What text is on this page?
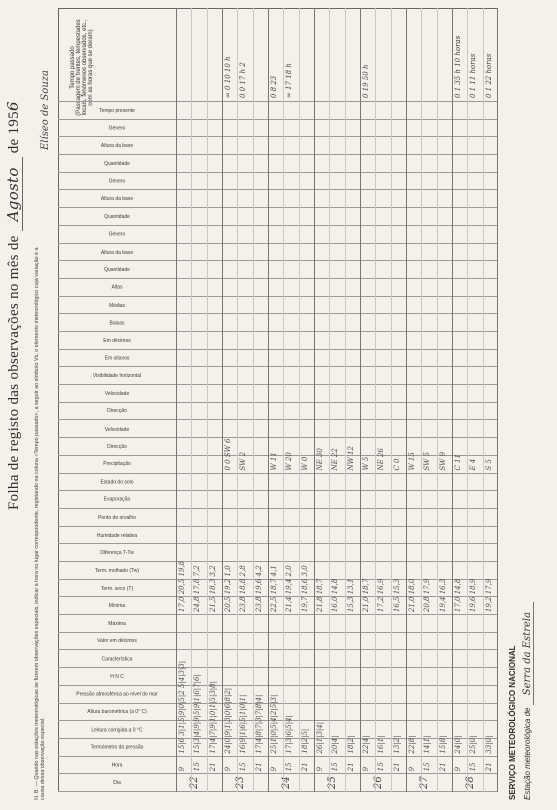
Folha de registo das observações no mês de Agosto de 1956
Tempo passado (Passagem de frentes, tempestades locais, fenómenos observados, etc., com as horas que se deram)
Elíseo de Souza
N. B. — Quando nas estações meteorológicas se fizerem observações especiais, indicar a hora no lugar correspondente, registando na coluna «Tempo passado», a seguir ao símbolo Vs, o elemento meteorológico cuja variação é a causa dessa observação especial.	SERVIÇO METEOROLÓGICO NACIONAL Estação meteorológica de Serra da Estrela
Dia
Hora
Termómetro da pressão
Leitura corrigida a 0 °C
Altura barométrica (a 0° C)
Pressão atmosférica ao nível do mar
H N C
Característica
Valor em décimos
Máxima
Mínima
Term. seco (T)
Term. molhado (Tw)
Diferença T-Tw
Humidade relativa
Ponto de orvalho
Evaporação
Estado do solo
Precipitação
Direcção
Velocidade
Direcção
Velocidade
Visibilidade horizontal
Em oitavos
Em décimos
Baixas
Médias
Altas
Quantidade
Altura da base
Género
Quantidade
Altura da base
Género
Quantidade
Altura da base
Género
Tempo presente
22
9
15|6 3|1|5|9|0|5|2 5|4|3|3|
17,0 20,5 19,8
15
15|3|4|9|9|5|9|1|6|7|6|
24,8 17,8 7,2
21
17|4|7|9|1|0|1|5|3|8|
21,5 18,3 3,2
23
9
24|0|9|1|3|0|6|8|2|
20,5 19,2 1,0
0 0 SW 6
∞ 0 10 10 h
15
16|9|1|6|5|1|0|1|
23,8 18,8 2,8
SW 2
0 0 17 h 2
21
17|4|8|7|3|7|8|4|
23,8 19,6 4,2
24
9
25|1|0|5|4|2|5|3|
22,5 18,7 4,1
W 11
0 8 23
15
17|3|6|5|4|
21,4 19,4 2,0
W 20
∞ 17 18 h
21
18|2|5|
19,7 18,6 3,0
W 0
25
9
26|1|3|4|
21,8 18,7
NE 30
15
20|4|
16,0 14,8
NE 22
21
18|2|
15,3 13,1
NW 12
26
9
22|4|
21,0 18,7
W 5
0 19 50 h
15
16|1|
17,2 16,9
NE 26
21
13|2|
16,5 15,3
C 0
27
9
22|8|
21,0 18,0
W 15
15
14|1|
20,8 17,9
SW 5
21
15|8|
19,4 16,3
SW 9
28
9
24|0|
17,0 14,8
C 11
0 1 35 h 10 horas
15
25|0|
19,6 18,9
E 4
0 1 11 horas
21
33|0|
19,2 17,9
S 5
0 1 22 horas
